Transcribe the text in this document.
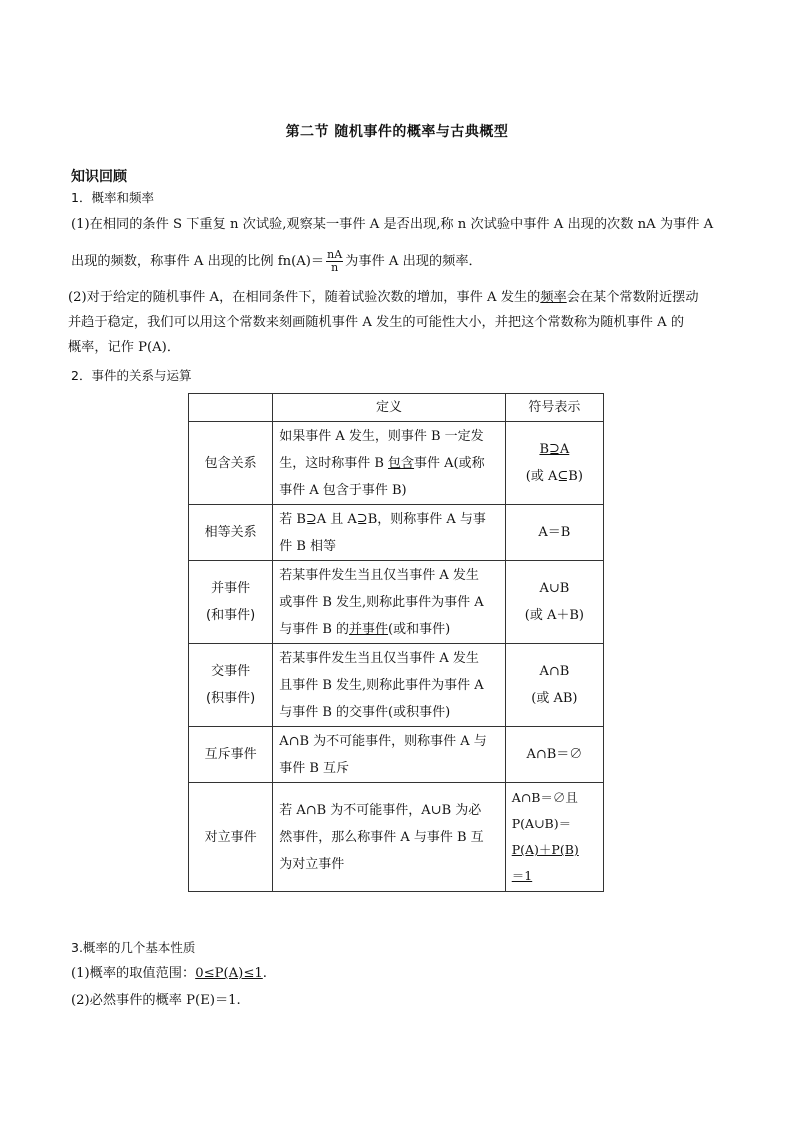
第二节 随机事件的概率与古典概型
知识回顾
1．概率和频率
(1)在相同的条件 S 下重复 n 次试验,观察某一事件 A 是否出现,称 n 次试验中事件 A 出现的次数 nA 为事件 A
出现的频数，称事件 A 出现的比例 $fn(A)= \frac{nA}{n}$ 为事件 A 出现的频率．
(2)对于给定的随机事件 A，在相同条件下，随着试验次数的增加，事件 A 发生的频率会在某个常数附近摆动
并趋于稳定，我们可以用这个常数来刻画随机事件 A 发生的可能性大小，并把这个常数称为随机事件 A 的
概率，记作 P(A)．
2．事件的关系与运算
	定义	符号表示

包含关系	如果事件 A 发生，则事件 B 一定发
生，这时称事件 B 包含事件 A(或称
事件 A 包含于事件 B)	B⊇A
(或 A⊆B)

相等关系	若 B⊇A 且 A⊇B，则称事件 A 与事
件 B 相等	A＝B

并事件
(和事件)	若某事件发生当且仅当事件 A 发生
或事件 B 发生,则称此事件为事件 A
与事件 B 的并事件(或和事件)	A∪B
(或 A＋B)

交事件
(积事件)	若某事件发生当且仅当事件 A 发生
且事件 B 发生,则称此事件为事件 A
与事件 B 的交事件(或积事件)	A∩B
(或 AB)

互斥事件	A∩B 为不可能事件，则称事件 A 与
事件 B 互斥	A∩B＝∅

对立事件	若 A∩B 为不可能事件，A∪B 为必
然事件，那么称事件 A 与事件 B 互
为对立事件	A∩B＝∅且
P(A∪B)＝
P(A)＋P(B)
＝1
3.概率的几个基本性质
(1)概率的取值范围：0≤P(A)≤1.
(2)必然事件的概率 P(E)＝1.
